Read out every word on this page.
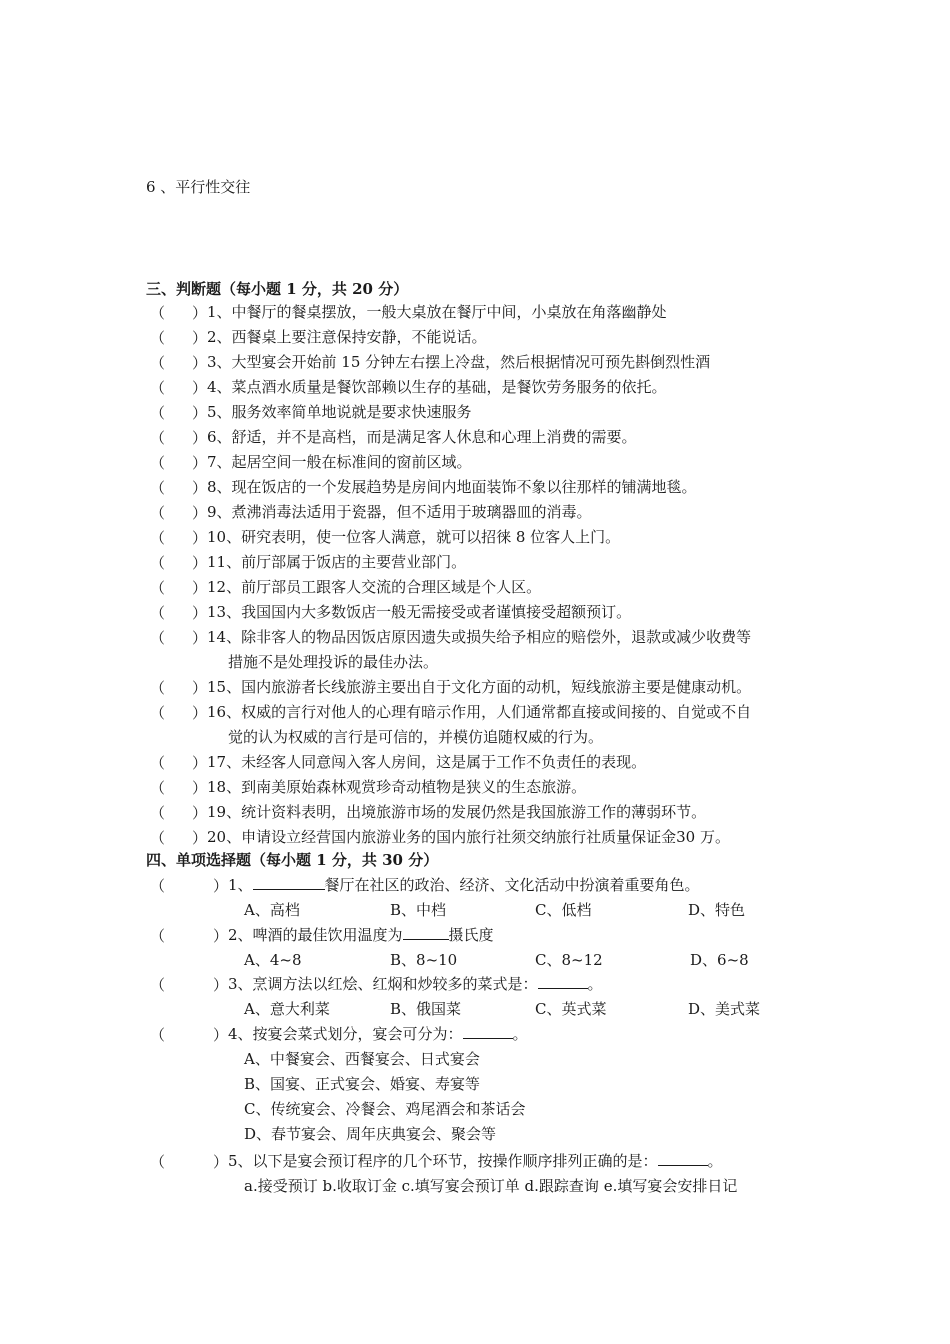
6 、平行性交往
三、判断题（每小题 1 分，共 20 分）
（ ） 1、中餐厅的餐桌摆放，一般大桌放在餐厅中间，小桌放在角落幽静处
（ ） 2、西餐桌上要注意保持安静，不能说话。
（ ） 3、大型宴会开始前 15 分钟左右摆上冷盘，然后根据情况可预先斟倒烈性酒
（ ） 4、菜点酒水质量是餐饮部赖以生存的基础，是餐饮劳务服务的依托。
（ ） 5、服务效率简单地说就是要求快速服务
（ ） 6、舒适，并不是高档，而是满足客人休息和心理上消费的需要。
（ ） 7、起居空间一般在标准间的窗前区域。
（ ） 8、现在饭店的一个发展趋势是房间内地面装饰不象以往那样的铺满地毯。
（ ） 9、煮沸消毒法适用于瓷器，但不适用于玻璃器皿的消毒。
（ ） 10、研究表明，使一位客人满意，就可以招徕 8 位客人上门。
（ ） 11、前厅部属于饭店的主要营业部门。
（ ） 12、前厅部员工跟客人交流的合理区域是个人区。
（ ） 13、我国国内大多数饭店一般无需接受或者谨慎接受超额预订。
（ ） 14、除非客人的物品因饭店原因遗失或损失给予相应的赔偿外，退款或减少收费等
措施不是处理投诉的最佳办法。
（ ） 15、国内旅游者长线旅游主要出自于文化方面的动机，短线旅游主要是健康动机。
（ ） 16、权威的言行对他人的心理有暗示作用，人们通常都直接或间接的、自觉或不自
觉的认为权威的言行是可信的，并模仿追随权威的行为。
（ ） 17、未经客人同意闯入客人房间，这是属于工作不负责任的表现。
（ ） 18、到南美原始森林观赏珍奇动植物是狭义的生态旅游。
（ ） 19、统计资料表明，出境旅游市场的发展仍然是我国旅游工作的薄弱环节。
（ ） 20、申请设立经营国内旅游业务的国内旅行社须交纳旅行社质量保证金30 万。
四、单项选择题（每小题 1 分，共 30 分）
（	） 1、	餐厅在社区的政治、经济、文化活动中扮演着重要角色。
A、高档	B、中档	C、低档	D、特色
（	） 2、啤酒的最佳饮用温度为	摄氏度
A、4~8	B、8~10	C、8~12	D、6~8
（	） 3、烹调方法以红烩、红焖和炒较多的菜式是：	。
A、意大利菜	B、俄国菜	C、英式菜	D、美式菜
（	） 4、按宴会菜式划分，宴会可分为：	。
A、中餐宴会、西餐宴会、日式宴会
B、国宴、正式宴会、婚宴、寿宴等
C、传统宴会、冷餐会、鸡尾酒会和茶话会
D、春节宴会、周年庆典宴会、聚会等
（	） 5、以下是宴会预订程序的几个环节，按操作顺序排列正确的是：	。
a.接受预订 b.收取订金 c.填写宴会预订单 d.跟踪查询 e.填写宴会安排日记
